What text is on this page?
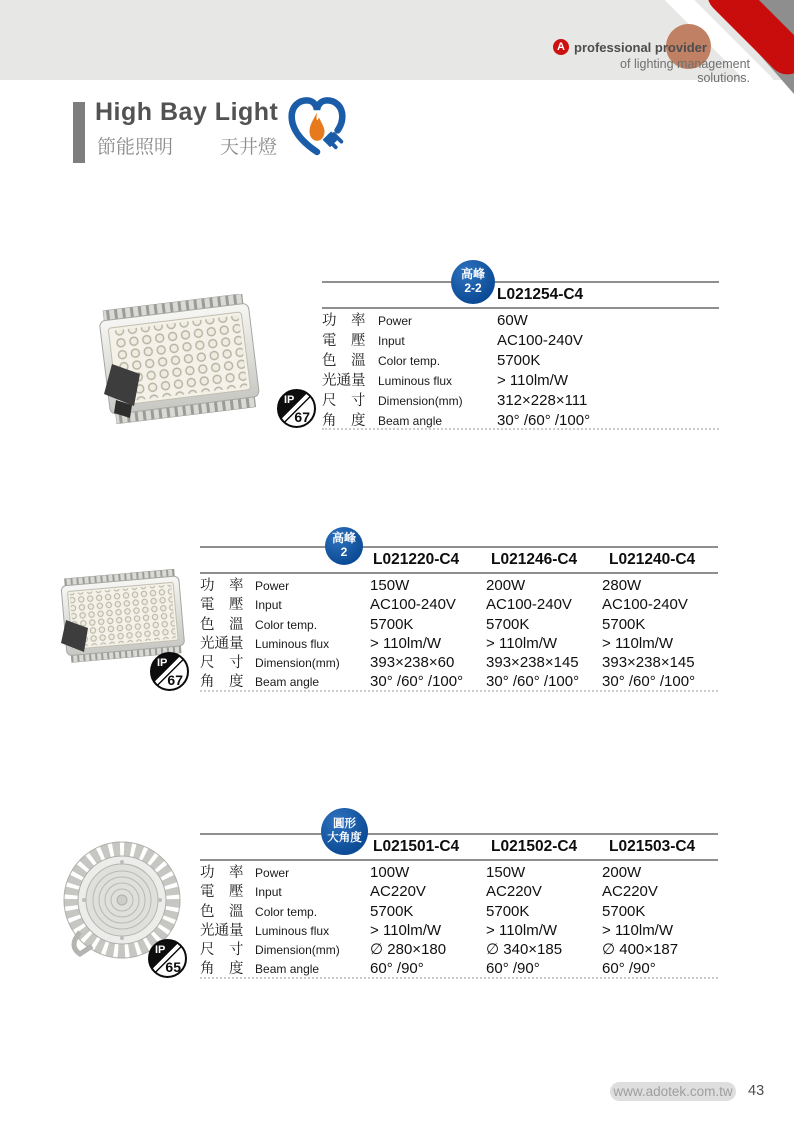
A professional provider
of lighting management solutions.
High Bay Light
節能照明 天井燈
IP
67
高峰
2-2 L021254-C4
功　率	Power	60W
電　壓	Input	AC100-240V
色　溫	Color temp.	5700K
光通量	Luminous flux	> 110lm/W
尺　寸	Dimension(mm)	312×228×111
角　度	Beam angle	30° /60° /100°
IP
67
高峰
2 L021220-C4	L021246-C4	L021240-C4
功　率 Power	150W	200W	280W
電　壓 Input	AC100-240V	AC100-240V	AC100-240V
色　溫 Color temp.	5700K	5700K	5700K
光通量 Luminous flux	> 110lm/W	> 110lm/W	> 110lm/W
尺　寸 Dimension(mm)	393×238×60	393×238×145	393×238×145
角　度 Beam angle	30° /60° /100°	30° /60° /100°	30° /60° /100°
IP
65
圓形
大角度
L021501-C4	L021502-C4	L021503-C4
功　率 Power	100W	150W	200W
電　壓 Input	AC220V	AC220V	AC220V
色　溫 Color temp.	5700K	5700K	5700K
光通量 Luminous flux	> 110lm/W	> 110lm/W	> 110lm/W
尺　寸 Dimension(mm)	∅ 280×180	∅ 340×185	∅ 400×187
角　度 Beam angle	60° /90°	60° /90°	60° /90°
www.adotek.com.tw 43
